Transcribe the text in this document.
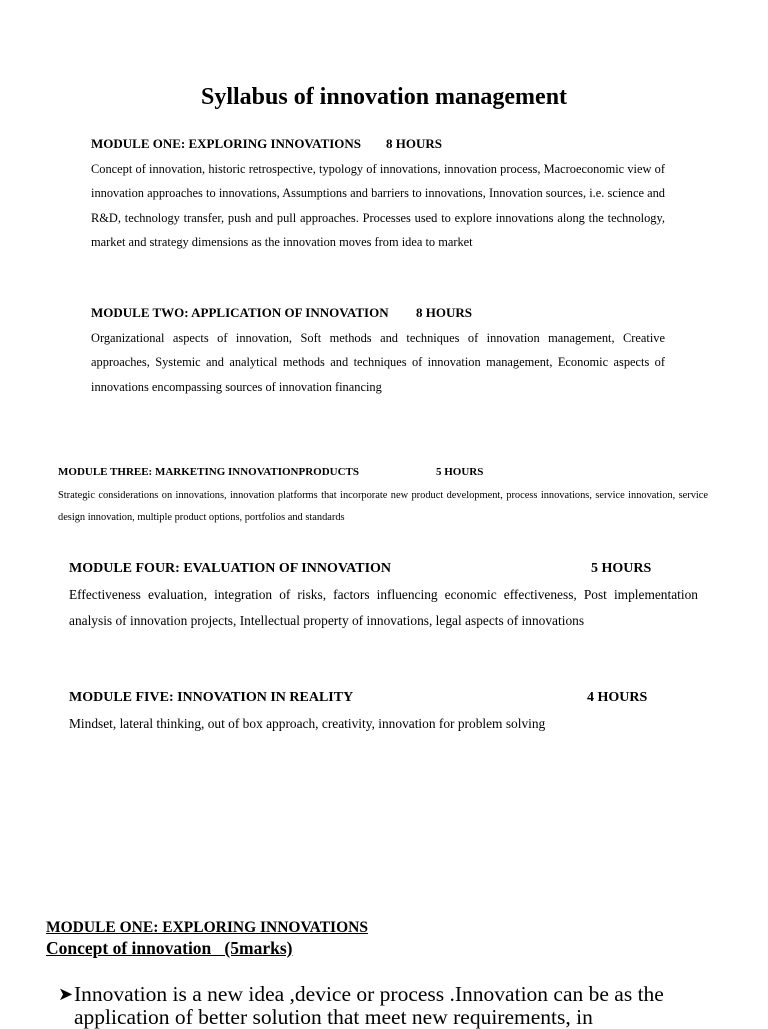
Syllabus of innovation management
MODULE ONE: EXPLORING INNOVATIONS 8 HOURS
Concept of innovation, historic retrospective, typology of innovations, innovation process, Macroeconomic view of innovation approaches to innovations, Assumptions and barriers to innovations, Innovation sources, i.e. science and R&D, technology transfer, push and pull approaches. Processes used to explore innovations along the technology, market and strategy dimensions as the innovation moves from idea to market
MODULE TWO: APPLICATION OF INNOVATION 8 HOURS
Organizational aspects of innovation, Soft methods and techniques of innovation management, Creative approaches, Systemic and analytical methods and techniques of innovation management, Economic aspects of innovations encompassing sources of innovation financing
MODULE THREE: MARKETING INNOVATIONPRODUCTS	5 HOURS
Strategic considerations on innovations, innovation platforms that incorporate new product development, process innovations, service innovation, service design innovation, multiple product options, portfolios and standards
MODULE FOUR: EVALUATION OF INNOVATION	5 HOURS
Effectiveness evaluation, integration of risks, factors influencing economic effectiveness, Post implementation analysis of innovation projects, Intellectual property of innovations, legal aspects of innovations
MODULE FIVE: INNOVATION IN REALITY	4 HOURS
Mindset, lateral thinking, out of box approach, creativity, innovation for problem solving
MODULE ONE: EXPLORING INNOVATIONS
Concept of innovation   (5marks)
➤ Innovation is a new idea ,device or process .Innovation can be as the application of better solution that meet new requirements, in
